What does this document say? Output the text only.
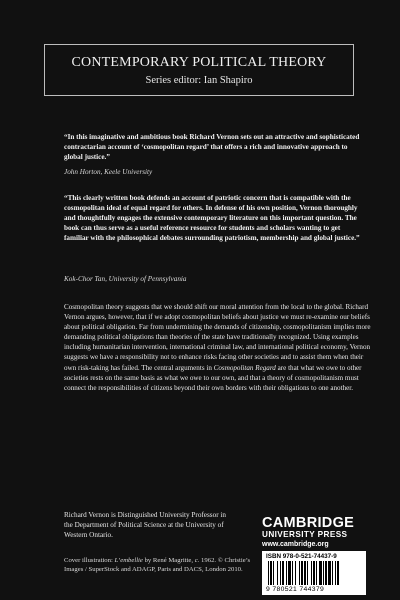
CONTEMPORARY POLITICAL THEORY
Series editor: Ian Shapiro
“In this imaginative and ambitious book Richard Vernon sets out an attractive and sophisticated contractarian account of ‘cosmopolitan regard’ that offers a rich and innovative approach to global justice.”
John Horton, Keele University
“This clearly written book defends an account of patriotic concern that is compatible with the cosmopolitan ideal of equal regard for others. In defense of his own position, Vernon thoroughly and thoughtfully engages the extensive contemporary literature on this important question. The book can thus serve as a useful reference resource for students and scholars wanting to get familiar with the philosophical debates surrounding patriotism, membership and global justice.”
Kok-Chor Tan, University of Pennsylvania
Cosmopolitan theory suggests that we should shift our moral attention from the local to the global. Richard Vernon argues, however, that if we adopt cosmopolitan beliefs about justice we must re-examine our beliefs about political obligation. Far from undermining the demands of citizenship, cosmopolitanism implies more demanding political obligations than theories of the state have traditionally recognized. Using examples including humanitarian intervention, international criminal law, and international political economy, Vernon suggests we have a responsibility not to enhance risks facing other societies and to assist them when their own risk-taking has failed. The central arguments in Cosmopolitan Regard are that what we owe to other societies rests on the same basis as what we owe to our own, and that a theory of cosmopolitanism must connect the responsibilities of citizens beyond their own borders with their obligations to one another.
Richard Vernon is Distinguished University Professor in the Department of Political Science at the University of Western Ontario.
Cover illustration: L’embellie by René Magritte, c. 1962. © Christie’s Images / SuperStock and ADAGP, Paris and DACS, London 2010.
CAMBRIDGE
UNIVERSITY PRESS
www.cambridge.org
ISBN 978-0-521-74437-9
9 780521 744379
